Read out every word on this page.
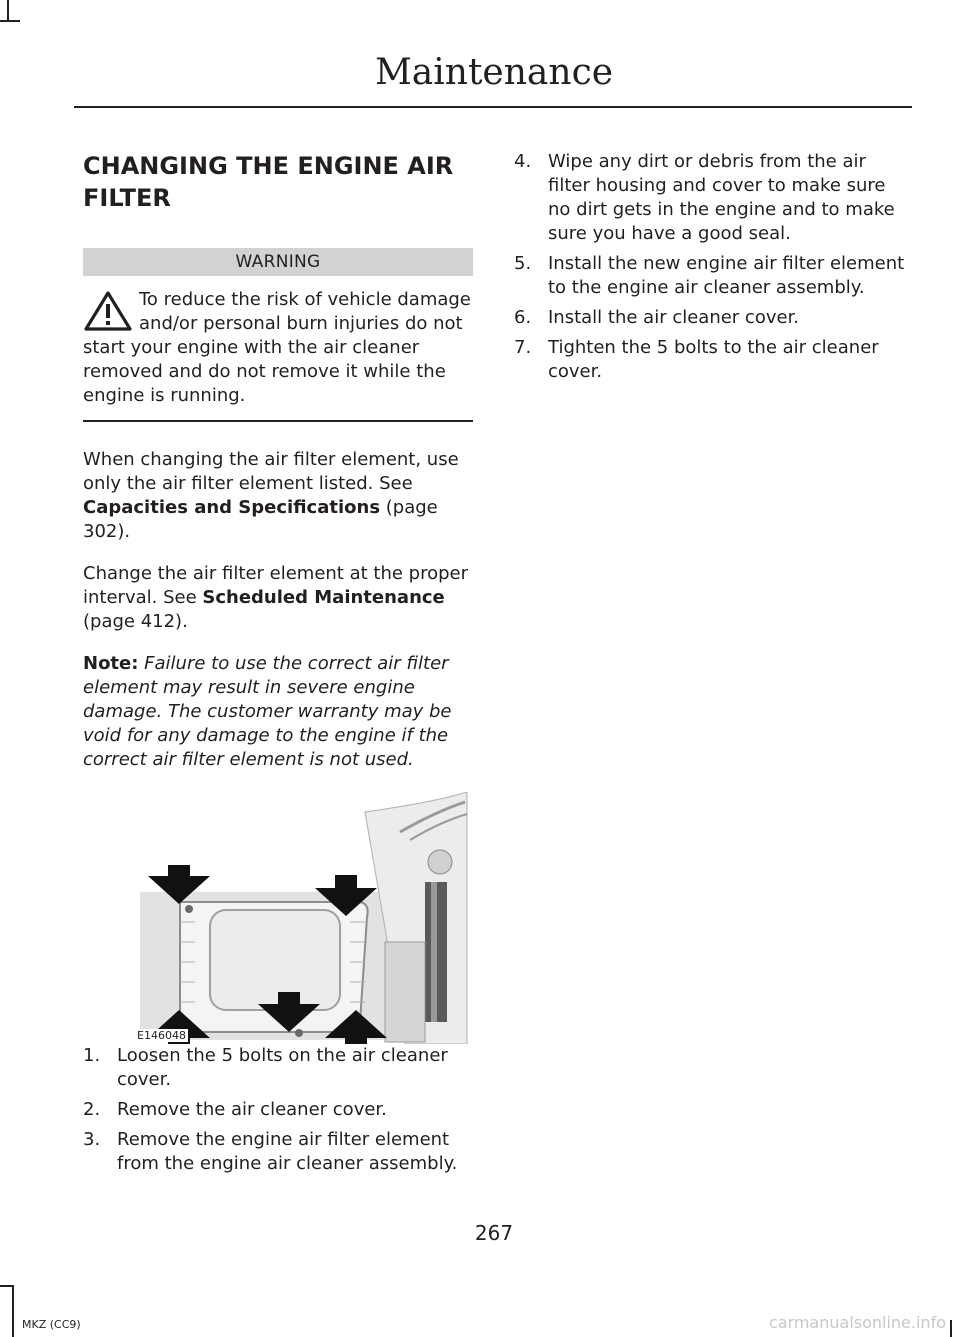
Maintenance
CHANGING THE ENGINE AIR FILTER
WARNING

To reduce the risk of vehicle damage and/or personal burn injuries do not start your engine with the air cleaner removed and do not remove it while the engine is running.

When changing the air filter element, use only the air filter element listed. See Capacities and Specifications (page 302).

Change the air filter element at the proper interval. See Scheduled Maintenance (page 412).

Note: Failure to use the correct air filter element may result in severe engine damage. The customer warranty may be void for any damage to the engine if the correct air filter element is not used.

E146048
1. Loosen the 5 bolts on the air cleaner cover.
2. Remove the air cleaner cover.
3. Remove the engine air filter element from the engine air cleaner assembly.
4. Wipe any dirt or debris from the air filter housing and cover to make sure no dirt gets in the engine and to make sure you have a good seal.
5. Install the new engine air filter element to the engine air cleaner assembly.
6. Install the air cleaner cover.
7. Tighten the 5 bolts to the air cleaner cover.
267
MKZ (CC9)	carmanualsonline.info
